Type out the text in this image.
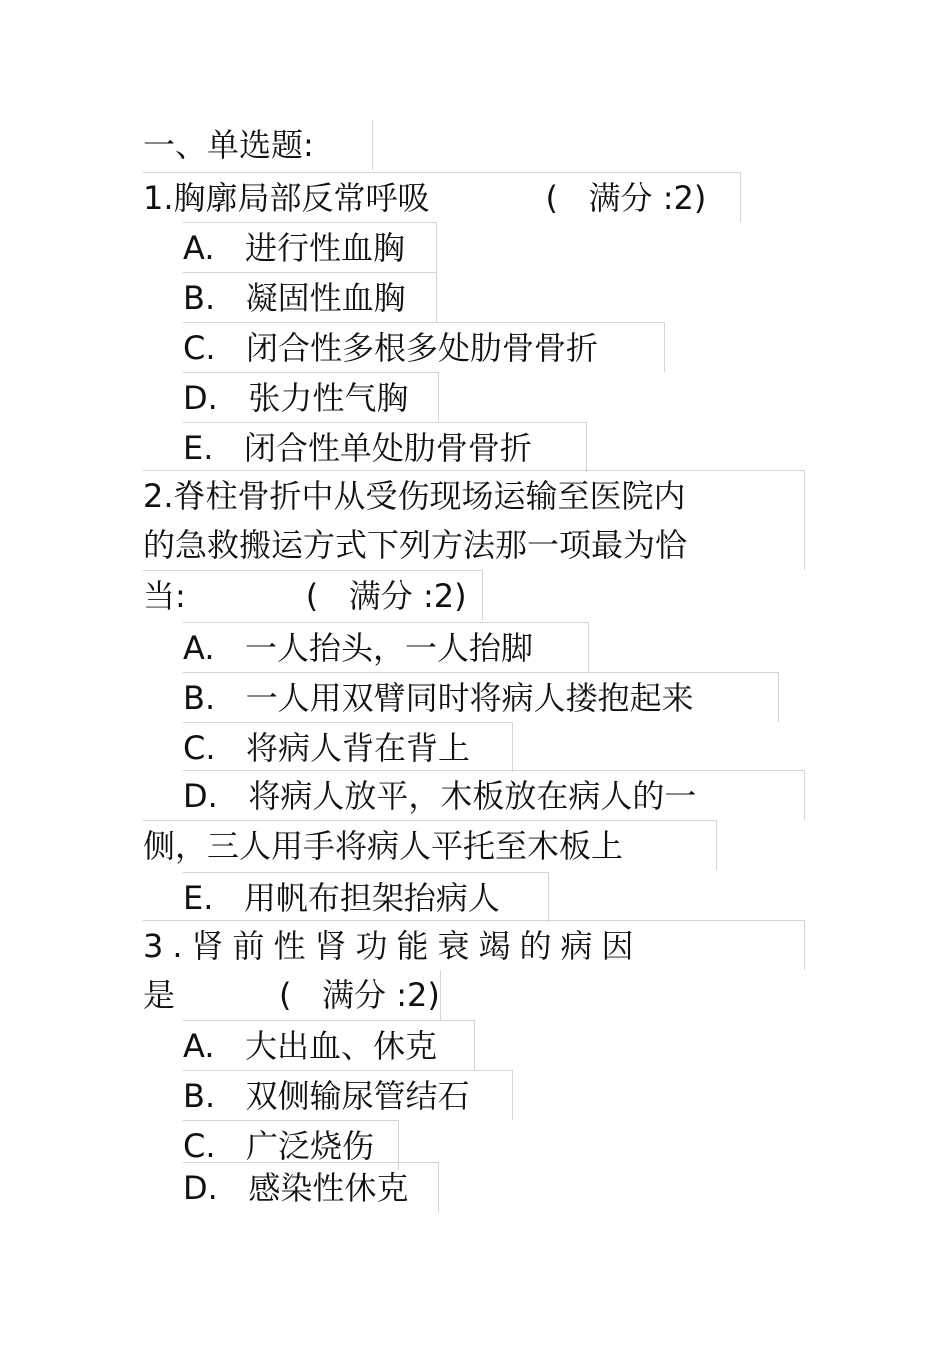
一、单选题:
1.胸廓局部反常呼吸	(   满分 :2)
A. 进行性血胸
B. 凝固性血胸
C. 闭合性多根多处肋骨骨折
D. 张力性气胸
E. 闭合性单处肋骨骨折
2.脊柱骨折中从受伤现场运输至医院内
的急救搬运方式下列方法那一项最为恰
当:	(   满分 :2)
A. 一人抬头，一人抬脚
B. 一人用双臂同时将病人搂抱起来
C. 将病人背在背上
D. 将病人放平，木板放在病人的一
侧，三人用手将病人平托至木板上
E. 用帆布担架抬病人
3.肾前性肾功能衰竭的病因
是	(   满分 :2)
A. 大出血、休克
B. 双侧输尿管结石
C. 广泛烧伤
D. 感染性休克
